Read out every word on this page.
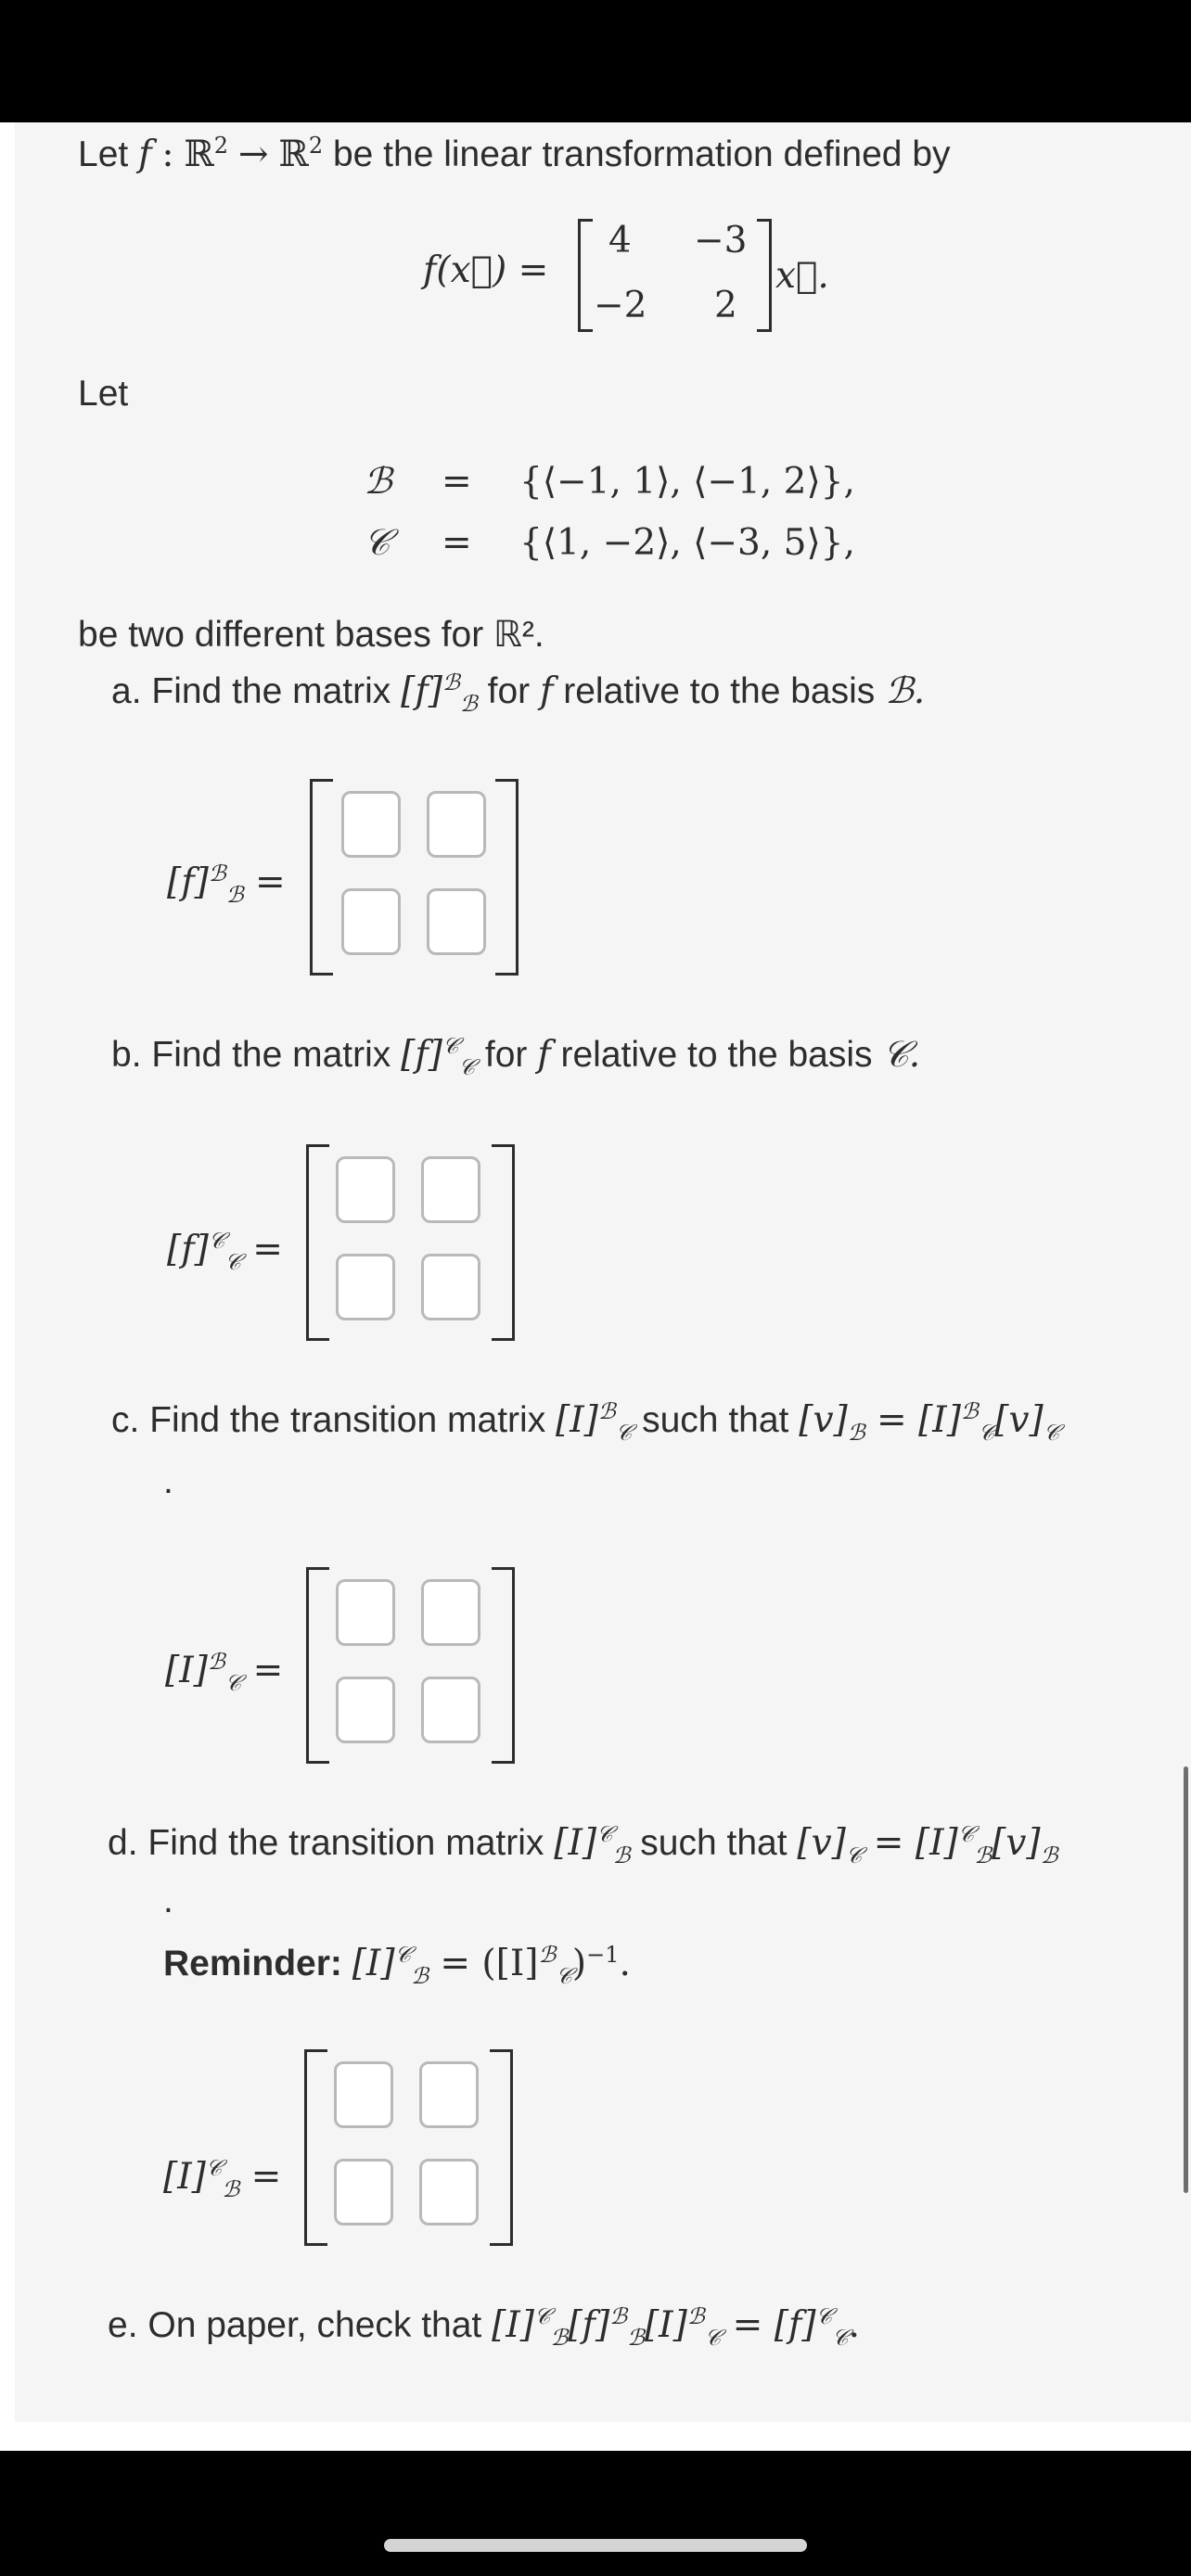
Let f : ℝ$^2$ → ℝ$^2$ be the linear transformation defined by
f(x⃗) =
4 −3
−2 2
x⃗.
Let
ℬ = {⟨−1, 1⟩, ⟨−1, 2⟩},
𝒞 = {⟨1, −2⟩, ⟨−3, 5⟩},
be two different bases for ℝ².
a. Find the matrix $[f]^ℬ_ℬ$ for f relative to the basis ℬ.
$[f]^ℬ_ℬ$ =
b. Find the matrix $[f]^𝒞_𝒞$ for f relative to the basis 𝒞.
$[f]^𝒞_𝒞$ =
c. Find the transition matrix $[I]^ℬ_𝒞$ such that $[v]_ℬ = [I]^ℬ_𝒞[v]_𝒞$
.
$[I]^ℬ_𝒞$ =
d. Find the transition matrix $[I]^𝒞_ℬ$ such that $[v]_𝒞 = [I]^𝒞_ℬ[v]_ℬ$
.
Reminder: $[I]^𝒞_ℬ = ([I]^ℬ_𝒞)^{-1}$.
$[I]^𝒞_ℬ$ =
e. On paper, check that $[I]^𝒞_ℬ[f]^ℬ_ℬ[I]^ℬ_𝒞 = [f]^𝒞_𝒞$.
